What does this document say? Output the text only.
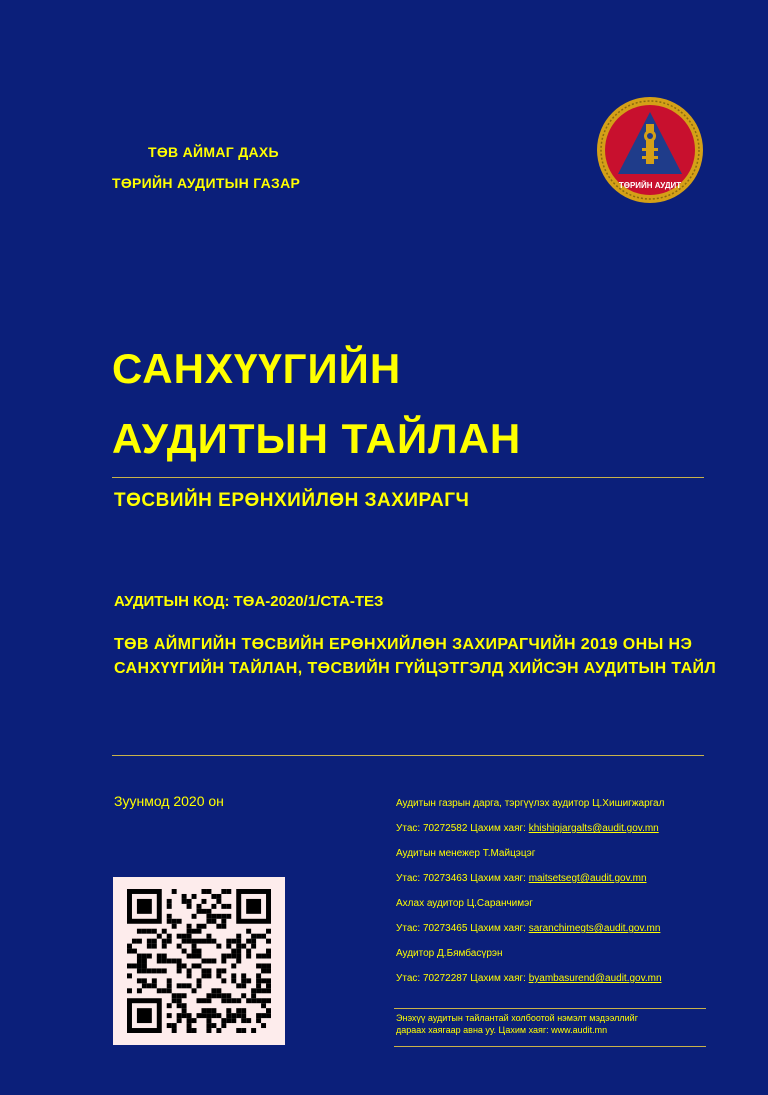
ТӨВ АЙМАГ ДАХЬ
ТӨРИЙН АУДИТЫН ГАЗАР	ТӨРИЙН АУДИТ
САНХҮҮГИЙН
АУДИТЫН ТАЙЛАН
ТӨСВИЙН ЕРӨНХИЙЛӨН ЗАХИРАГЧ
АУДИТЫН КОД: ТӨА-2020/1/СТА-ТЕЗ
ТӨВ АЙМГИЙН ТӨСВИЙН ЕРӨНХИЙЛӨН ЗАХИРАГЧИЙН 2019 ОНЫ НЭ
САНХҮҮГИЙН ТАЙЛАН, ТӨСВИЙН ГҮЙЦЭТГЭЛД ХИЙСЭН АУДИТЫН ТАЙЛ
Зуунмод 2020 он	Аудитын газрын дарга, тэргүүлэх аудитор Ц.Хишигжаргал
Утас: 70272582 Цахим хаяг: khishigjargalts@audit.gov.mn
Аудитын менежер Т.Майцэцэг
Утас: 70273463 Цахим хаяг: maitsetsegt@audit.gov.mn
Ахлах аудитор Ц.Саранчимэг
Утас: 70273465 Цахим хаяг: saranchimegts@audit.gov.mn
Аудитор Д.Бямбасүрэн
Утас: 70272287 Цахим хаяг: byambasurend@audit.gov.mn
Энэхүү аудитын тайлантай холбоотой нэмэлт мэдээллийг
дараах хаягаар авна уу. Цахим хаяг: www.audit.mn
